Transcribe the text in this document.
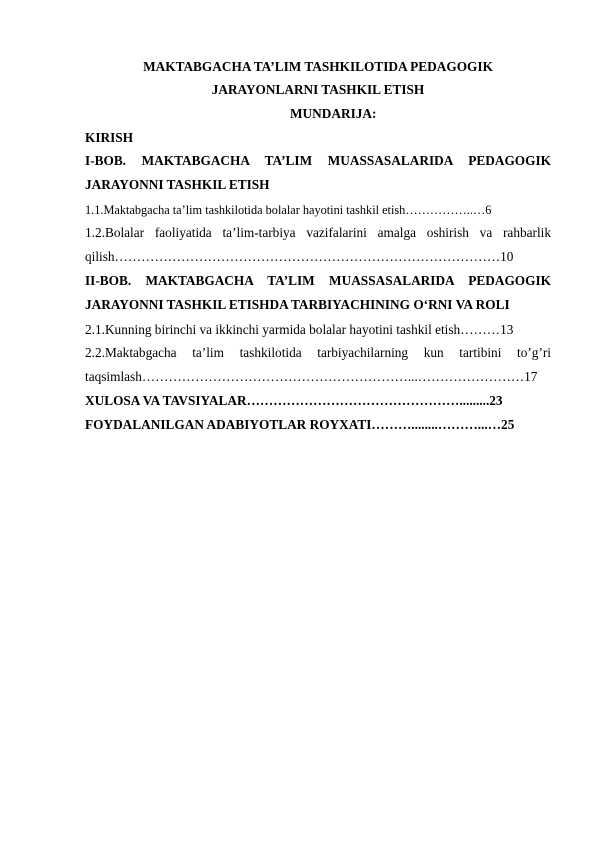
MAKTABGACHA TA’LIM TASHKILOTIDA PEDAGOGIK
JARAYONLARNI TASHKIL ETISH
MUNDARIJA:
KIRISH
I-BOB. MAKTABGACHA TA’LIM MUASSASALARIDA PEDAGOGIK
JARAYONNI TASHKIL ETISH
1.1.Maktabgacha ta’lim tashkilotida bolalar hayotini tashkil etish……………..…6
1.2.Bolalar faoliyatida ta’lim-tarbiya vazifalarini amalga oshirish va rahbarlik
qilish……………………………………………………………………………10
II-BOB. MAKTABGACHA TA’LIM MUASSASALARIDA PEDAGOGIK
JARAYONNI TASHKIL ETISHDA TARBIYACHINING O‘RNI VA ROLI
2.1.Kunning birinchi va ikkinchi yarmida bolalar hayotini tashkil etish………13
2.2.Maktabgacha ta’lim tashkilotida tarbiyachilarning kun tartibini to’g’ri
taqsimlash……………………………………………………...……………………17
XULOSA VA TAVSIYALAR………………………………………….........23
FOYDALANILGAN ADABIYOTLAR ROYXATI………........………...…25
